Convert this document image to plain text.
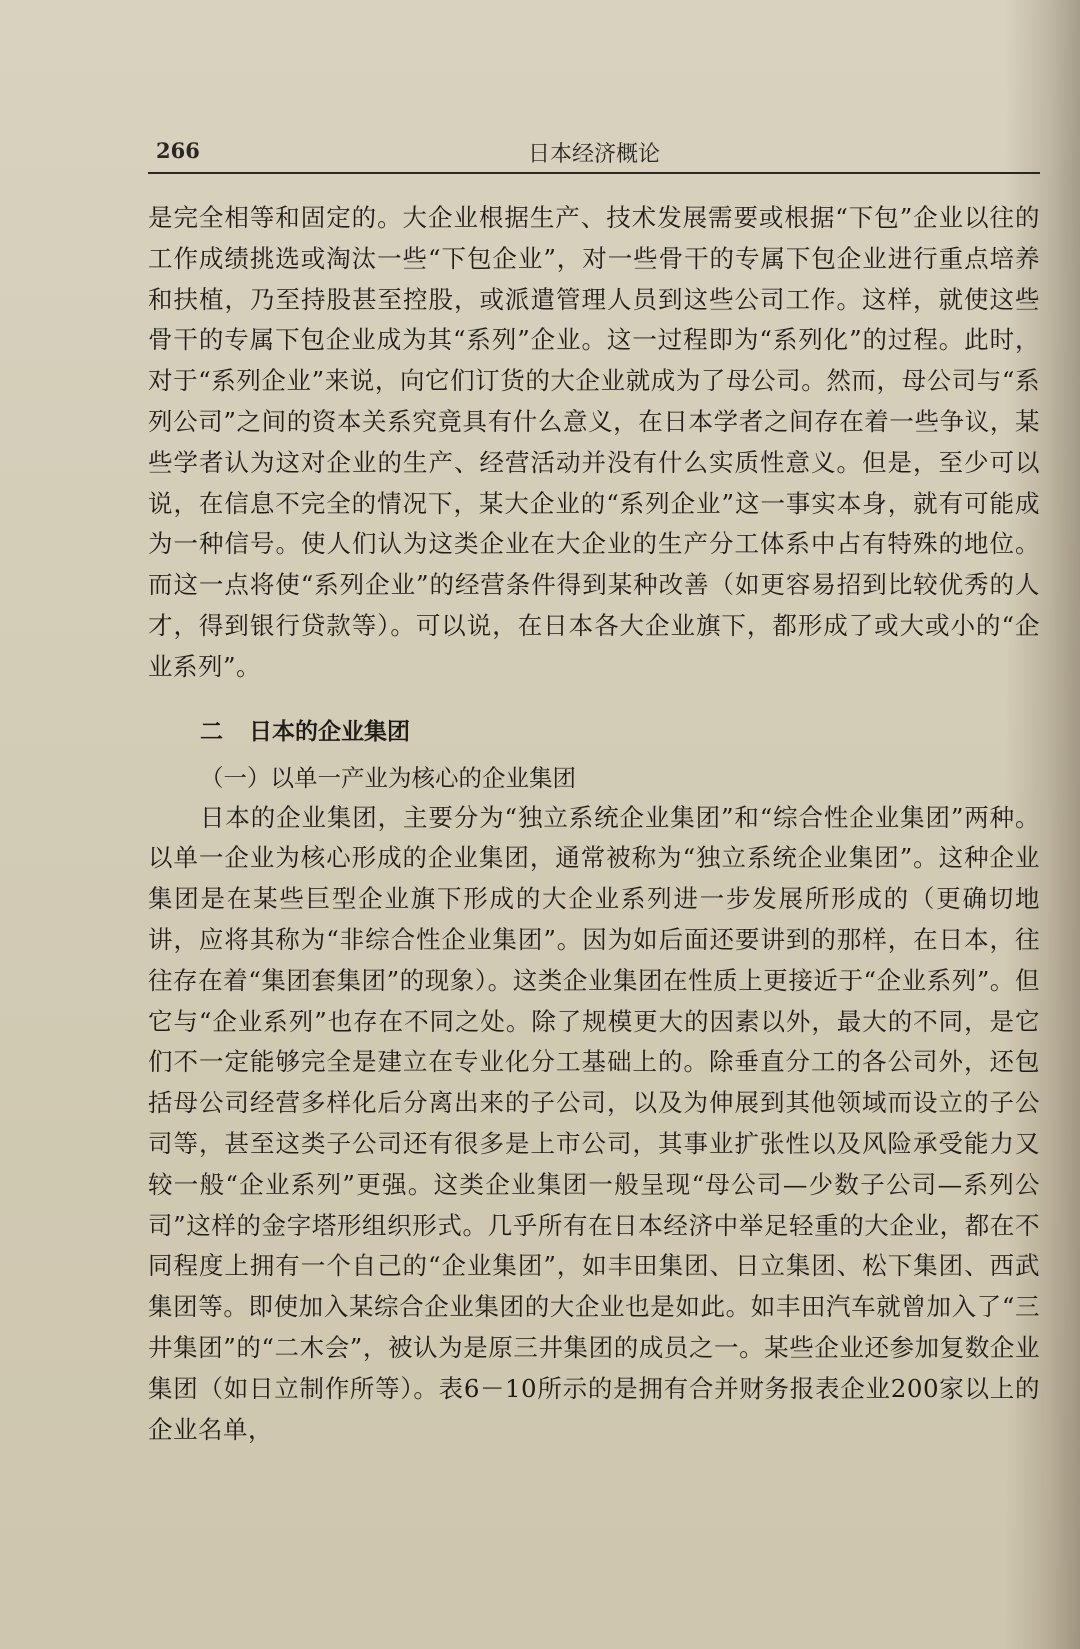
266	日本经济概论

是完全相等和固定的。大企业根据生产、技术发展需要或根据“下包”企业以往的工作成绩挑选或淘汰一些“下包企业”，对一些骨干的专属下包企业进行重点培养和扶植，乃至持股甚至控股，或派遣管理人员到这些公司工作。这样，就使这些骨干的专属下包企业成为其“系列”企业。这一过程即为“系列化”的过程。此时，对于“系列企业”来说，向它们订货的大企业就成为了母公司。然而，母公司与“系列公司”之间的资本关系究竟具有什么意义，在日本学者之间存在着一些争议，某些学者认为这对企业的生产、经营活动并没有什么实质性意义。但是，至少可以说，在信息不完全的情况下，某大企业的“系列企业”这一事实本身，就有可能成为一种信号。使人们认为这类企业在大企业的生产分工体系中占有特殊的地位。而这一点将使“系列企业”的经营条件得到某种改善（如更容易招到比较优秀的人才，得到银行贷款等）。可以说，在日本各大企业旗下，都形成了或大或小的“企业系列”。

二 日本的企业集团
（一）以单一产业为核心的企业集团

日本的企业集团，主要分为“独立系统企业集团”和“综合性企业集团”两种。以单一企业为核心形成的企业集团，通常被称为“独立系统企业集团”。这种企业集团是在某些巨型企业旗下形成的大企业系列进一步发展所形成的（更确切地讲，应将其称为“非综合性企业集团”。因为如后面还要讲到的那样，在日本，往往存在着“集团套集团”的现象）。这类企业集团在性质上更接近于“企业系列”。但它与“企业系列”也存在不同之处。除了规模更大的因素以外，最大的不同，是它们不一定能够完全是建立在专业化分工基础上的。除垂直分工的各公司外，还包括母公司经营多样化后分离出来的子公司，以及为伸展到其他领域而设立的子公司等，甚至这类子公司还有很多是上市公司，其事业扩张性以及风险承受能力又较一般“企业系列”更强。这类企业集团一般呈现“母公司—少数子公司—系列公司”这样的金字塔形组织形式。几乎所有在日本经济中举足轻重的大企业，都在不同程度上拥有一个自己的“企业集团”，如丰田集团、日立集团、松下集团、西武集团等。即使加入某综合企业集团的大企业也是如此。如丰田汽车就曾加入了“三井集团”的“二木会”，被认为是原三井集团的成员之一。某些企业还参加复数企业集团（如日立制作所等）。表6－10所示的是拥有合并财务报表企业200家以上的企业名单，
